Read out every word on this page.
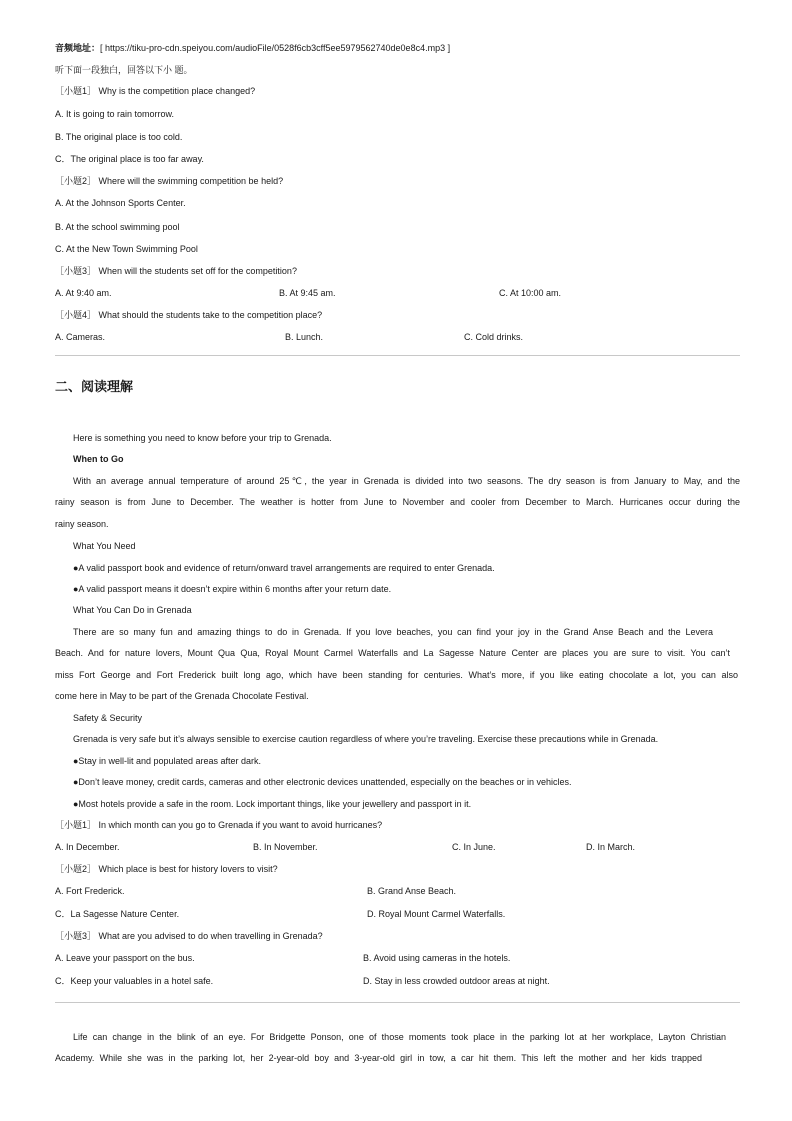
音频地址：[ https://tiku-pro-cdn.speiyou.com/audioFile/0528f6cb3cff5ee5979562740de0e8c4.mp3 ]
听下面一段独白，回答以下小 题。
［小题1］ Why is the competition place changed?
A. It is going to rain tomorrow.
B. The original place is too cold.
C．The original place is too far away.
［小题2］ Where will the swimming competition be held?
A. At the Johnson Sports Center.
B. At the school swimming pool
C. At the New Town Swimming Pool
［小题3］ When will the students set off for the competition?
A. At 9:40 am.	B. At 9:45 am.	C. At 10:00 am.
［小题4］ What should the students take to the competition place?
A. Cameras.	B. Lunch.	C. Cold drinks.
二、阅读理解
Here is something you need to know before your trip to Grenada.
When to Go
With an average annual temperature of around 25℃, the year in Grenada is divided into two seasons. The dry season is from January to May, and the
rainy season is from June to December. The weather is hotter from June to November and cooler from December to March. Hurricanes occur during the
rainy season.
What You Need
●A valid passport book and evidence of return/onward travel arrangements are required to enter Grenada.
●A valid passport means it doesn’t expire within 6 months after your return date.
What You Can Do in Grenada
There are so many fun and amazing things to do in Grenada. If you love beaches, you can find your joy in the Grand Anse Beach and the Levera
Beach. And for nature lovers, Mount Qua Qua, Royal Mount Carmel Waterfalls and La Sagesse Nature Center are places you are sure to visit. You can’t
miss Fort George and Fort Frederick built long ago, which have been standing for centuries. What’s more, if you like eating chocolate a lot, you can also
come here in May to be part of the Grenada Chocolate Festival.
Safety & Security
Grenada is very safe but it’s always sensible to exercise caution regardless of where you’re traveling. Exercise these precautions while in Grenada.
●Stay in well-lit and populated areas after dark.
●Don’t leave money, credit cards, cameras and other electronic devices unattended, especially on the beaches or in vehicles.
●Most hotels provide a safe in the room. Lock important things, like your jewellery and passport in it.
［小题1］ In which month can you go to Grenada if you want to avoid hurricanes?
A. In December.	B. In November.	C. In June.	D. In March.
［小题2］ Which place is best for history lovers to visit?
A. Fort Frederick.	B. Grand Anse Beach.
C．La Sagesse Nature Center.	D. Royal Mount Carmel Waterfalls.
［小题3］ What are you advised to do when travelling in Grenada?
A. Leave your passport on the bus.	B. Avoid using cameras in the hotels.
C．Keep your valuables in a hotel safe.	D. Stay in less crowded outdoor areas at night.
Life can change in the blink of an eye. For Bridgette Ponson, one of those moments took place in the parking lot at her workplace, Layton Christian
Academy. While she was in the parking lot, her 2-year-old boy and 3-year-old girl in tow, a car hit them. This left the mother and her kids trapped
